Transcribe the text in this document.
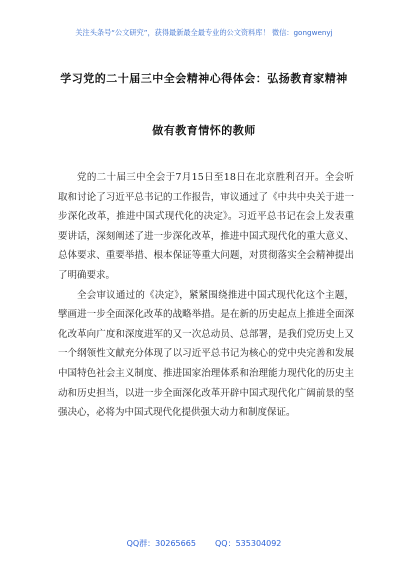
关注头条号“公文研究”，获得最新最全最专业的公文资料库！ 微信：gongwenyj
学习党的二十届三中全会精神心得体会：弘扬教育家精神
做有教育情怀的教师

党的二十届三中全会于7月15日至18日在北京胜利召开。全会听取和讨论了习近平总书记的工作报告，审议通过了《中共中央关于进一步深化改革，推进中国式现代化的决定》。习近平总书记在会上发表重要讲话，深刻阐述了进一步深化改革，推进中国式现代化的重大意义、总体要求、重要举措、根本保证等重大问题，对贯彻落实全会精神提出了明确要求。

全会审议通过的《决定》，紧紧围绕推进中国式现代化这个主题，擘画进一步全面深化改革的战略举措。是在新的历史起点上推进全面深化改革向广度和深度进军的又一次总动员、总部署，是我们党历史上又一个纲领性文献充分体现了以习近平总书记为核心的党中央完善和发展中国特色社会主义制度、推进国家治理体系和治理能力现代化的历史主动和历史担当，以进一步全面深化改革开辟中国式现代化广阔前景的坚强决心，必将为中国式现代化提供强大动力和制度保证。

QQ群：30265665 QQ：535304092
